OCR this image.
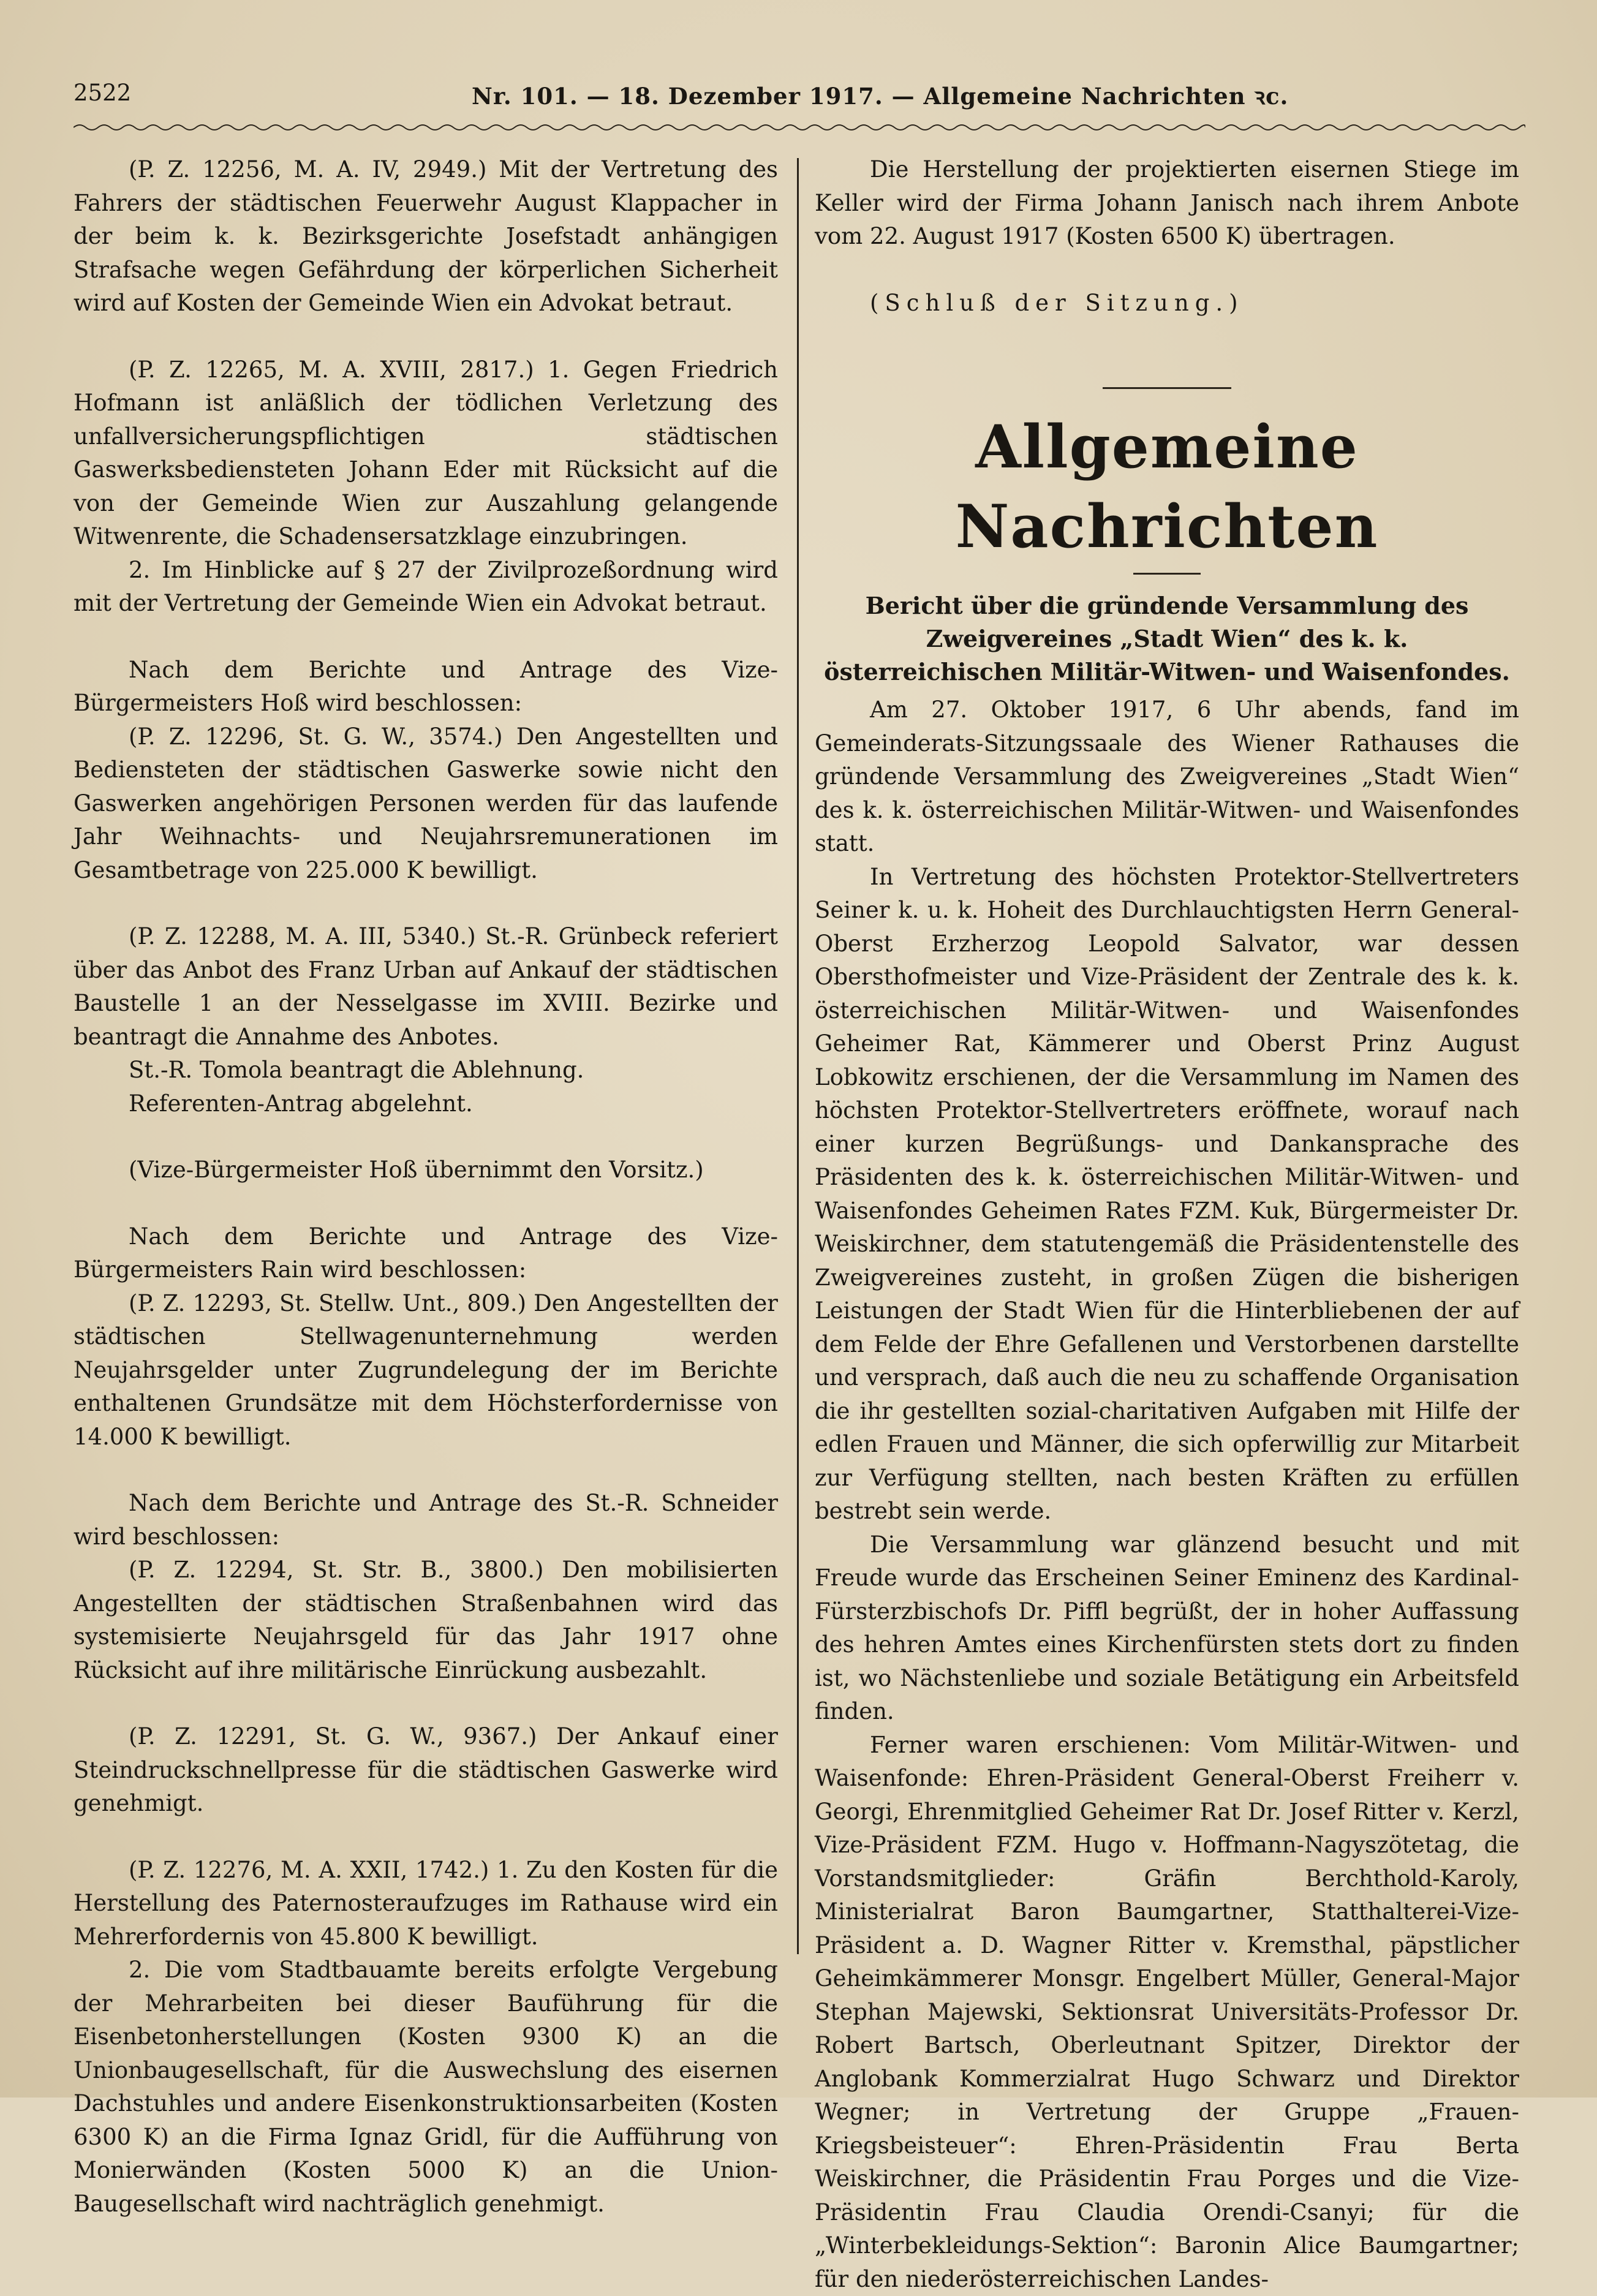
2522	Nr. 101. — 18. Dezember 1917. — Allgemeine Nachrichten ꝛc.

(P. Z. 12256, M. A. IV, 2949.) Mit der Vertretung des Fahrers der städtischen Feuerwehr August Klappacher in der beim k. k. Bezirksgerichte Josefstadt anhängigen Strafsache wegen Gefährdung der körperlichen Sicherheit wird auf Kosten der Gemeinde Wien ein Advokat betraut.

(P. Z. 12265, M. A. XVIII, 2817.) 1. Gegen Friedrich Hofmann ist anläßlich der tödlichen Verletzung des unfallversicherungspflichtigen städtischen Gaswerksbediensteten Johann Eder mit Rücksicht auf die von der Gemeinde Wien zur Auszahlung gelangende Witwenrente, die Schadensersatzklage einzubringen.

2. Im Hinblicke auf § 27 der Zivilprozeßordnung wird mit der Vertretung der Gemeinde Wien ein Advokat betraut.

Nach dem Berichte und Antrage des Vize-Bürgermeisters Hoß wird beschlossen:

(P. Z. 12296, St. G. W., 3574.) Den Angestellten und Bediensteten der städtischen Gaswerke sowie nicht den Gaswerken angehörigen Personen werden für das laufende Jahr Weihnachts- und Neujahrsremunerationen im Gesamtbetrage von 225.000 K bewilligt.

(P. Z. 12288, M. A. III, 5340.) St.-R. Grünbeck referiert über das Anbot des Franz Urban auf Ankauf der städtischen Baustelle 1 an der Nesselgasse im XVIII. Bezirke und beantragt die Annahme des Anbotes.

St.-R. Tomola beantragt die Ablehnung.

Referenten-Antrag abgelehnt.

(Vize-Bürgermeister Hoß übernimmt den Vorsitz.)

Nach dem Berichte und Antrage des Vize-Bürgermeisters Rain wird beschlossen:

(P. Z. 12293, St. Stellw. Unt., 809.) Den Angestellten der städtischen Stellwagenunternehmung werden Neujahrsgelder unter Zugrundelegung der im Berichte enthaltenen Grundsätze mit dem Höchsterfordernisse von 14.000 K bewilligt.

Nach dem Berichte und Antrage des St.-R. Schneider wird beschlossen:

(P. Z. 12294, St. Str. B., 3800.) Den mobilisierten Angestellten der städtischen Straßenbahnen wird das systemisierte Neujahrsgeld für das Jahr 1917 ohne Rücksicht auf ihre militärische Einrückung ausbezahlt.

(P. Z. 12291, St. G. W., 9367.) Der Ankauf einer Steindruckschnellpresse für die städtischen Gaswerke wird genehmigt.

(P. Z. 12276, M. A. XXII, 1742.) 1. Zu den Kosten für die Herstellung des Paternosteraufzuges im Rathause wird ein Mehrerfordernis von 45.800 K bewilligt.

2. Die vom Stadtbauamte bereits erfolgte Vergebung der Mehrarbeiten bei dieser Bauführung für die Eisenbetonherstellungen (Kosten 9300 K) an die Unionbaugesellschaft, für die Auswechslung des eisernen Dachstuhles und andere Eisenkonstruktionsarbeiten (Kosten 6300 K) an die Firma Ignaz Gridl, für die Aufführung von Monierwänden (Kosten 5000 K) an die Union-Baugesellschaft wird nachträglich genehmigt.

Die Herstellung der projektierten eisernen Stiege im Keller wird der Firma Johann Janisch nach ihrem Anbote vom 22. August 1917 (Kosten 6500 K) übertragen.

(Schluß der Sitzung.)

Allgemeine Nachrichten
Bericht über die gründende Versammlung des Zweigvereines „Stadt Wien“ des k. k. österreichischen Militär-Witwen- und Waisenfondes.

Am 27. Oktober 1917, 6 Uhr abends, fand im Gemeinderats-Sitzungssaale des Wiener Rathauses die gründende Versammlung des Zweigvereines „Stadt Wien“ des k. k. österreichischen Militär-Witwen- und Waisenfondes statt.

In Vertretung des höchsten Protektor-Stellvertreters Seiner k. u. k. Hoheit des Durchlauchtigsten Herrn General-Oberst Erzherzog Leopold Salvator, war dessen Obersthofmeister und Vize-Präsident der Zentrale des k. k. österreichischen Militär-Witwen- und Waisenfondes Geheimer Rat, Kämmerer und Oberst Prinz August Lobkowitz erschienen, der die Versammlung im Namen des höchsten Protektor-Stellvertreters eröffnete, worauf nach einer kurzen Begrüßungs- und Dankansprache des Präsidenten des k. k. österreichischen Militär-Witwen- und Waisenfondes Geheimen Rates FZM. Kuk, Bürgermeister Dr. Weiskirchner, dem statutengemäß die Präsidentenstelle des Zweigvereines zusteht, in großen Zügen die bisherigen Leistungen der Stadt Wien für die Hinterbliebenen der auf dem Felde der Ehre Gefallenen und Verstorbenen darstellte und versprach, daß auch die neu zu schaffende Organisation die ihr gestellten sozial-charitativen Aufgaben mit Hilfe der edlen Frauen und Männer, die sich opferwillig zur Mitarbeit zur Verfügung stellten, nach besten Kräften zu erfüllen bestrebt sein werde.

Die Versammlung war glänzend besucht und mit Freude wurde das Erscheinen Seiner Eminenz des Kardinal-Fürsterzbischofs Dr. Piffl begrüßt, der in hoher Auffassung des hehren Amtes eines Kirchenfürsten stets dort zu finden ist, wo Nächstenliebe und soziale Betätigung ein Arbeitsfeld finden.

Ferner waren erschienen: Vom Militär-Witwen- und Waisenfonde: Ehren-Präsident General-Oberst Freiherr v. Georgi, Ehrenmitglied Geheimer Rat Dr. Josef Ritter v. Kerzl, Vize-Präsident FZM. Hugo v. Hoffmann-Nagyszötetag, die Vorstandsmitglieder: Gräfin Berchthold-Karoly, Ministerialrat Baron Baumgartner, Statthalterei-Vize-Präsident a. D. Wagner Ritter v. Kremsthal, päpstlicher Geheimkämmerer Monsgr. Engelbert Müller, General-Major Stephan Majewski, Sektionsrat Universitäts-Professor Dr. Robert Bartsch, Oberleutnant Spitzer, Direktor der Anglobank Kommerzialrat Hugo Schwarz und Direktor Wegner; in Vertretung der Gruppe „Frauen-Kriegsbeisteuer“: Ehren-Präsidentin Frau Berta Weiskirchner, die Präsidentin Frau Porges und die Vize-Präsidentin Frau Claudia Orendi-Csanyi; für die „Winterbekleidungs-Sektion“: Baronin Alice Baumgartner; für den niederösterreichischen Landes-
